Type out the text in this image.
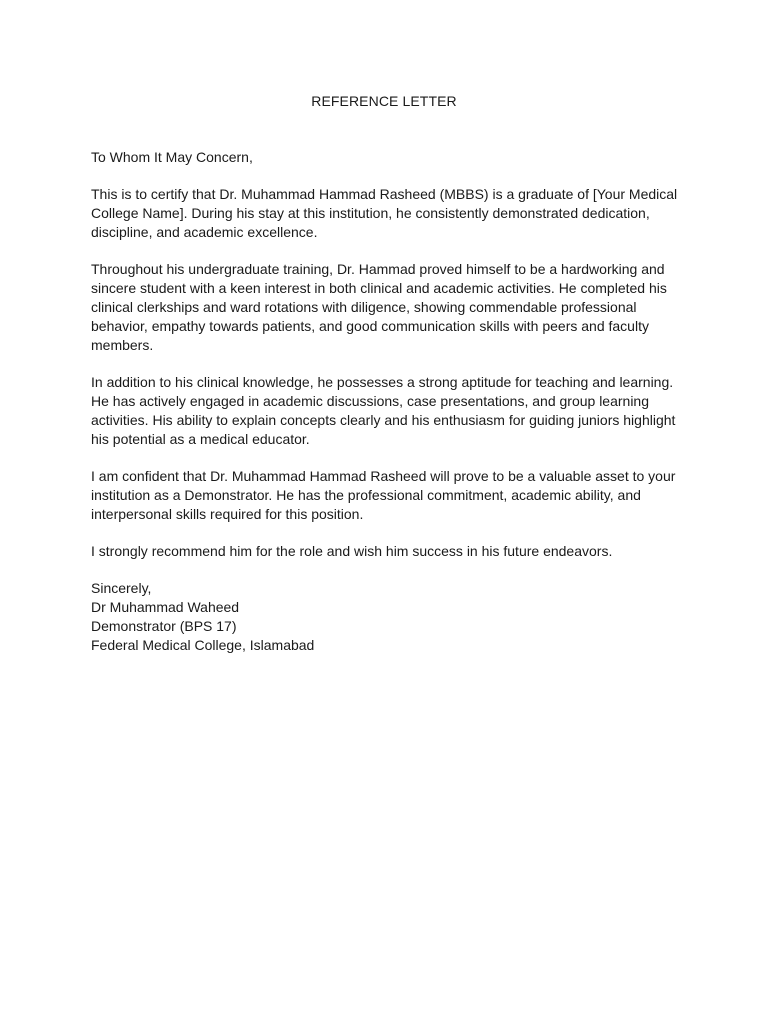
REFERENCE LETTER

To Whom It May Concern,

This is to certify that Dr. Muhammad Hammad Rasheed (MBBS) is a graduate of [Your Medical College Name]. During his stay at this institution, he consistently demonstrated dedication, discipline, and academic excellence.

Throughout his undergraduate training, Dr. Hammad proved himself to be a hardworking and sincere student with a keen interest in both clinical and academic activities. He completed his clinical clerkships and ward rotations with diligence, showing commendable professional behavior, empathy towards patients, and good communication skills with peers and faculty members.

In addition to his clinical knowledge, he possesses a strong aptitude for teaching and learning. He has actively engaged in academic discussions, case presentations, and group learning activities. His ability to explain concepts clearly and his enthusiasm for guiding juniors highlight his potential as a medical educator.

I am confident that Dr. Muhammad Hammad Rasheed will prove to be a valuable asset to your institution as a Demonstrator. He has the professional commitment, academic ability, and interpersonal skills required for this position.

I strongly recommend him for the role and wish him success in his future endeavors.

Sincerely,
Dr Muhammad Waheed
Demonstrator (BPS 17)
Federal Medical College, Islamabad
